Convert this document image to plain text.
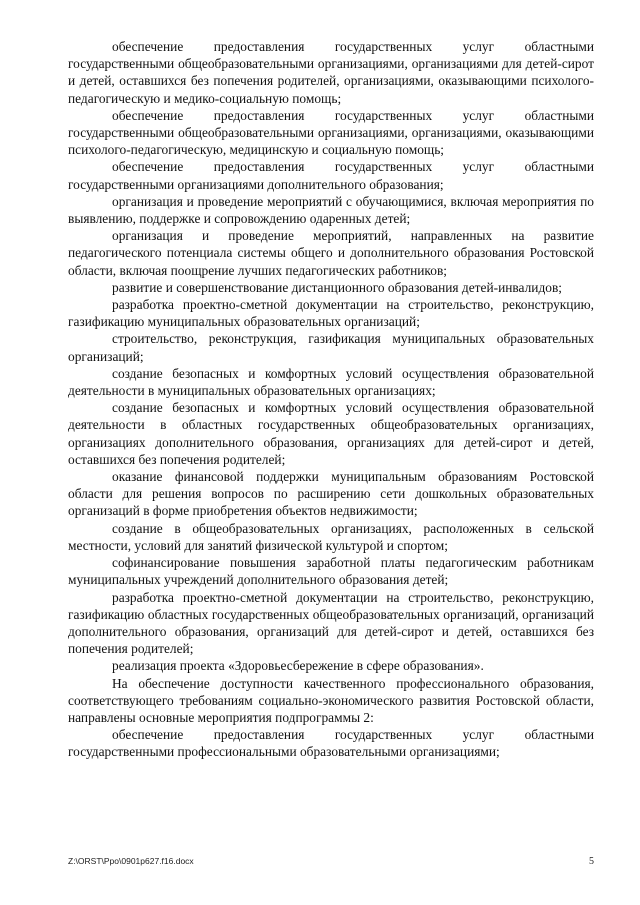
обеспечение предоставления государственных услуг областными государственными общеобразовательными организациями, организациями для детей-сирот и детей, оставшихся без попечения родителей, организациями, оказывающими психолого-педагогическую и медико-социальную помощь;

обеспечение предоставления государственных услуг областными государственными общеобразовательными организациями, организациями, оказывающими психолого-педагогическую, медицинскую и социальную помощь;

обеспечение предоставления государственных услуг областными государственными организациями дополнительного образования;

организация и проведение мероприятий с обучающимися, включая мероприятия по выявлению, поддержке и сопровождению одаренных детей;

организация и проведение мероприятий, направленных на развитие педагогического потенциала системы общего и дополнительного образования Ростовской области, включая поощрение лучших педагогических работников;

развитие и совершенствование дистанционного образования детей-инвалидов;

разработка проектно-сметной документации на строительство, реконструкцию, газификацию муниципальных образовательных организаций;

строительство, реконструкция, газификация муниципальных образовательных организаций;

создание безопасных и комфортных условий осуществления образовательной деятельности в муниципальных образовательных организациях;

создание безопасных и комфортных условий осуществления образовательной деятельности в областных государственных общеобразовательных организациях, организациях дополнительного образования, организациях для детей-сирот и детей, оставшихся без попечения родителей;

оказание финансовой поддержки муниципальным образованиям Ростовской области для решения вопросов по расширению сети дошкольных образовательных организаций в форме приобретения объектов недвижимости;

создание в общеобразовательных организациях, расположенных в сельской местности, условий для занятий физической культурой и спортом;

софинансирование повышения заработной платы педагогическим работникам муниципальных учреждений дополнительного образования детей;

разработка проектно-сметной документации на строительство, реконструкцию, газификацию областных государственных общеобразовательных организаций, организаций дополнительного образования, организаций для детей-сирот и детей, оставшихся без попечения родителей;

реализация проекта «Здоровьесбережение в сфере образования».

На обеспечение доступности качественного профессионального образования, соответствующего требованиям социально-экономического развития Ростовской области, направлены основные мероприятия подпрограммы 2:

обеспечение предоставления государственных услуг областными государственными профессиональными образовательными организациями;

Z:\ORST\Ppo\0901p627.f16.docx	5
